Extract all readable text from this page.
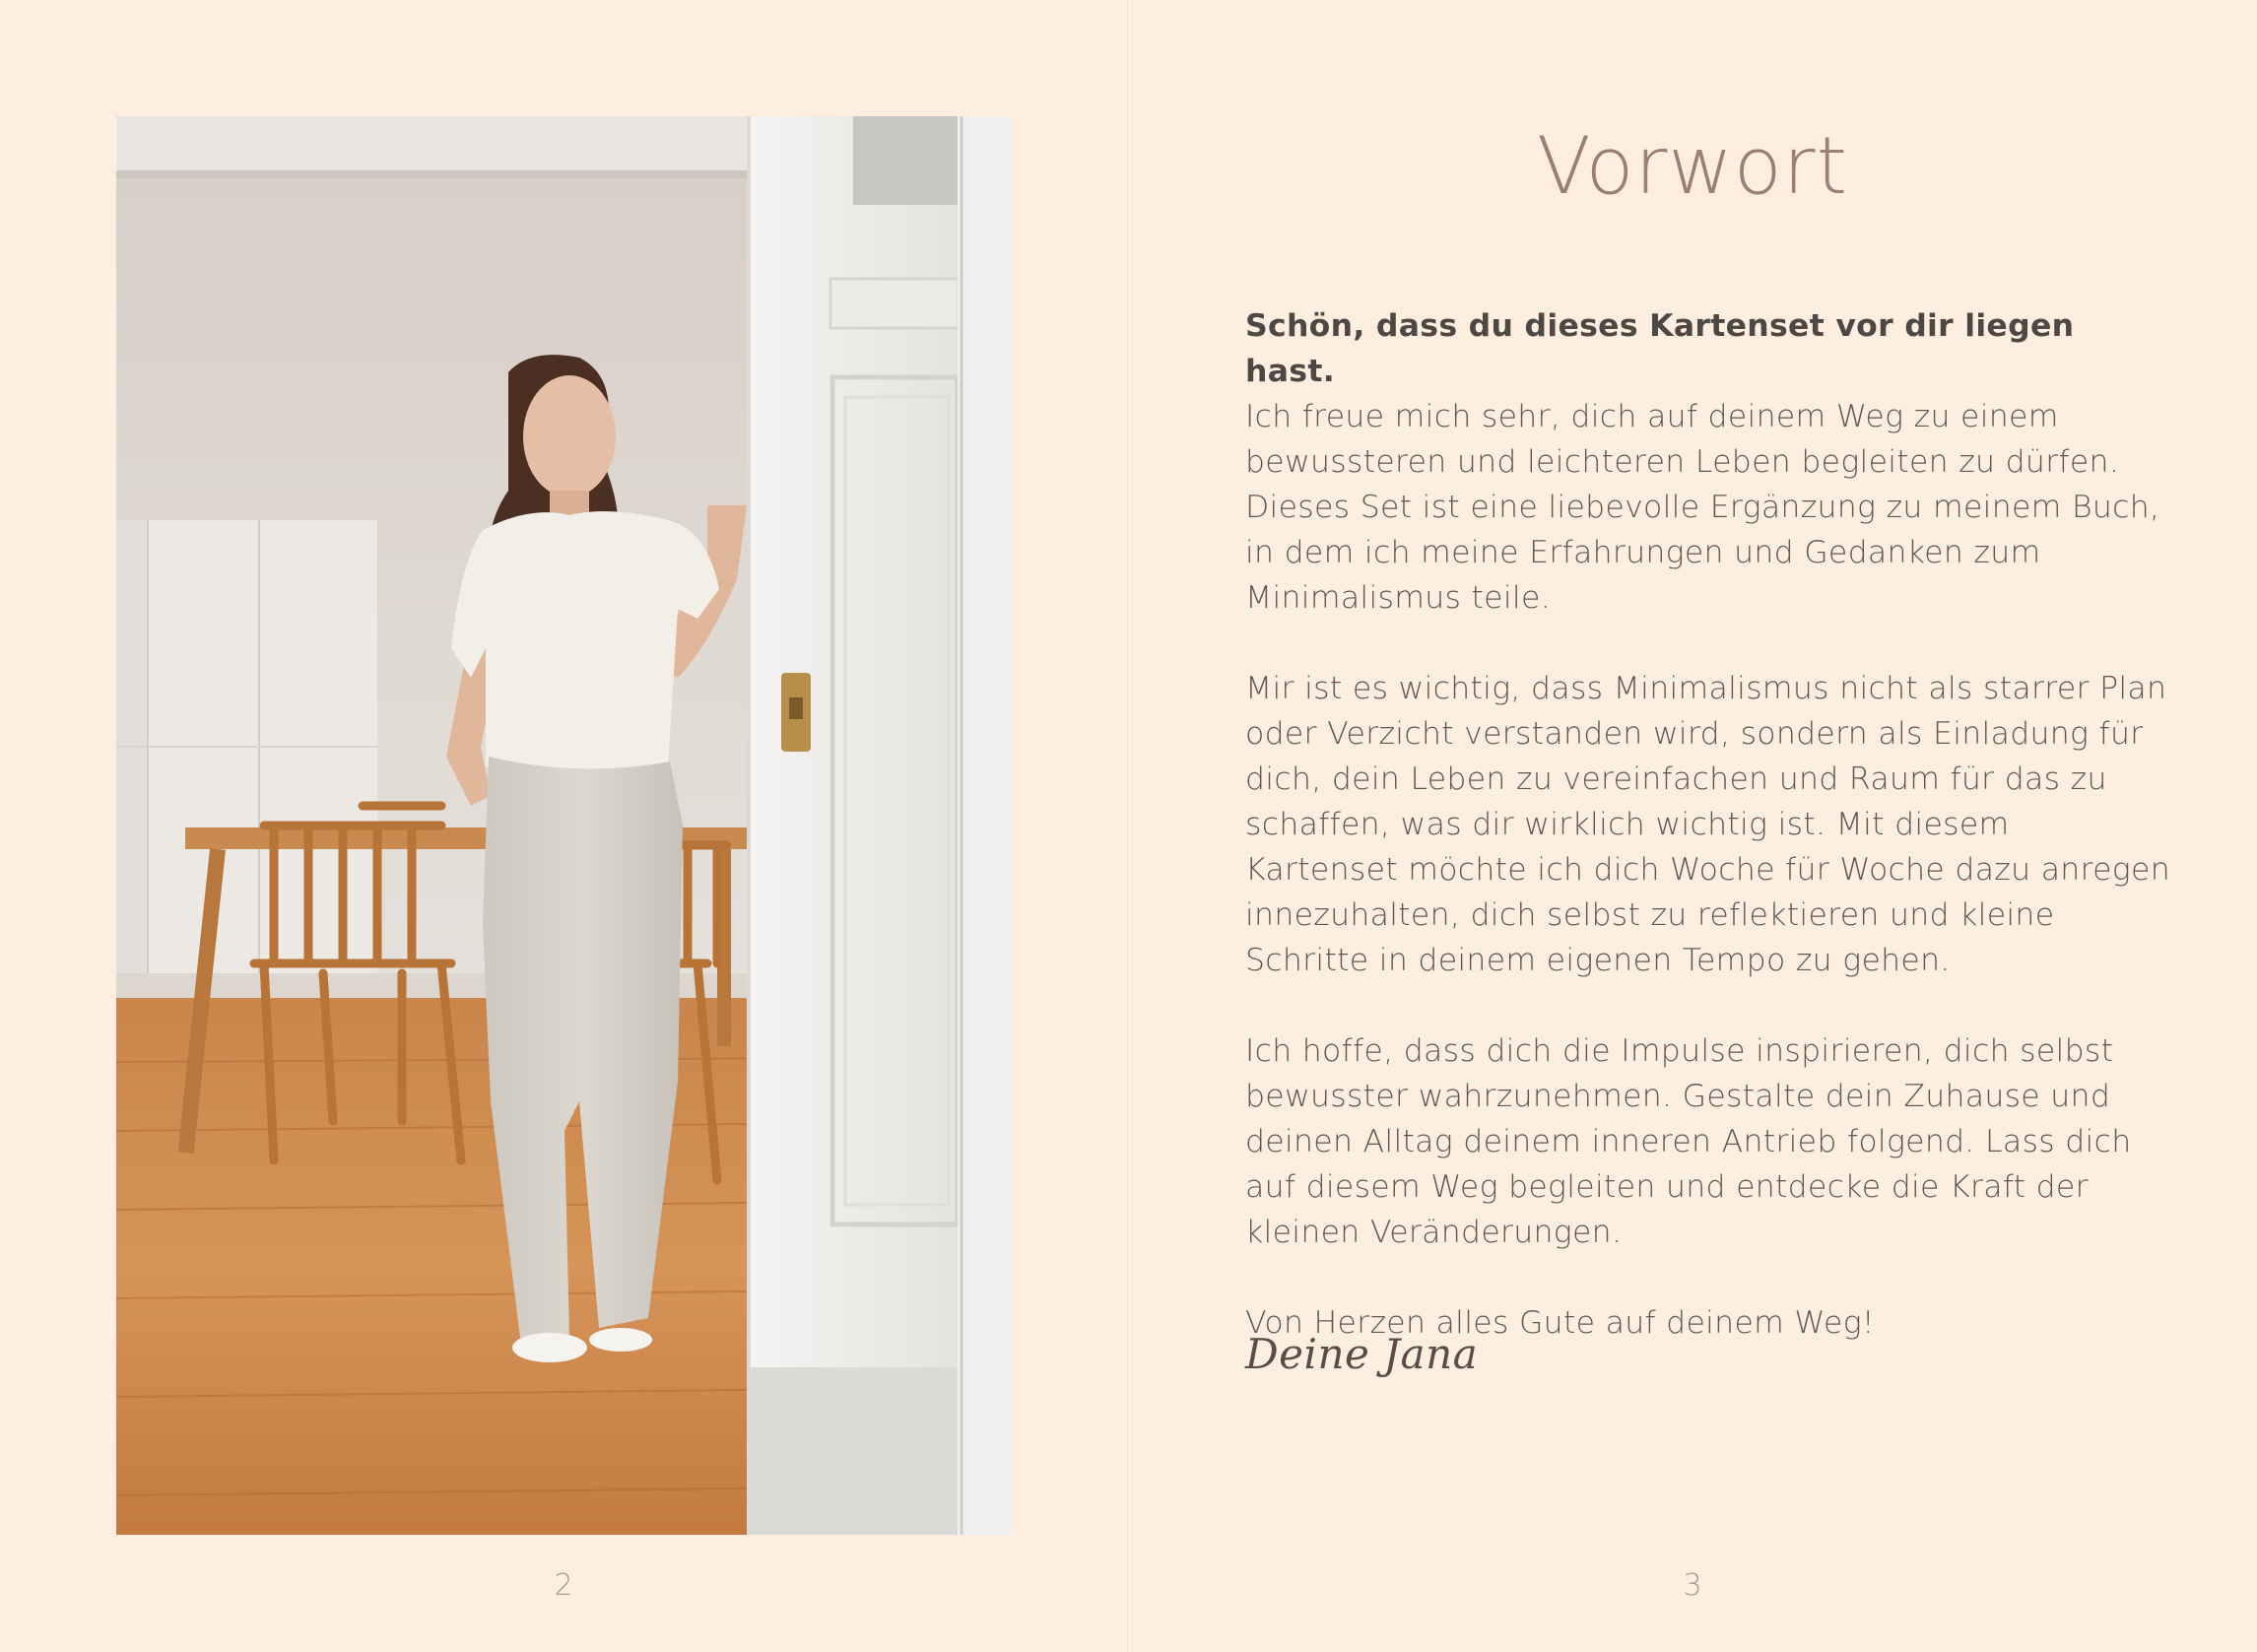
2
Vorwort

Schön, dass du dieses Kartenset vor dir liegen hast.
Ich freue mich sehr, dich auf deinem Weg zu einem bewussteren und leichteren Leben begleiten zu dürfen. Dieses Set ist eine liebevolle Ergänzung zu meinem Buch, in dem ich meine Erfahrungen und Gedanken zum Minimalismus teile.

Mir ist es wichtig, dass Minimalismus nicht als starrer Plan oder Verzicht verstanden wird, sondern als Einladung für dich, dein Leben zu vereinfachen und Raum für das zu schaffen, was dir wirklich wichtig ist. Mit diesem Kartenset möchte ich dich Woche für Woche dazu anregen innezuhalten, dich selbst zu reflektieren und kleine Schritte in deinem eigenen Tempo zu gehen.

Ich hoffe, dass dich die Impulse inspirieren, dich selbst bewusster wahrzunehmen. Gestalte dein Zuhause und deinen Alltag deinem inneren Antrieb folgend. Lass dich auf diesem Weg begleiten und entdecke die Kraft der kleinen Veränderungen.

Von Herzen alles Gute auf deinem Weg!

Deine Jana
3
